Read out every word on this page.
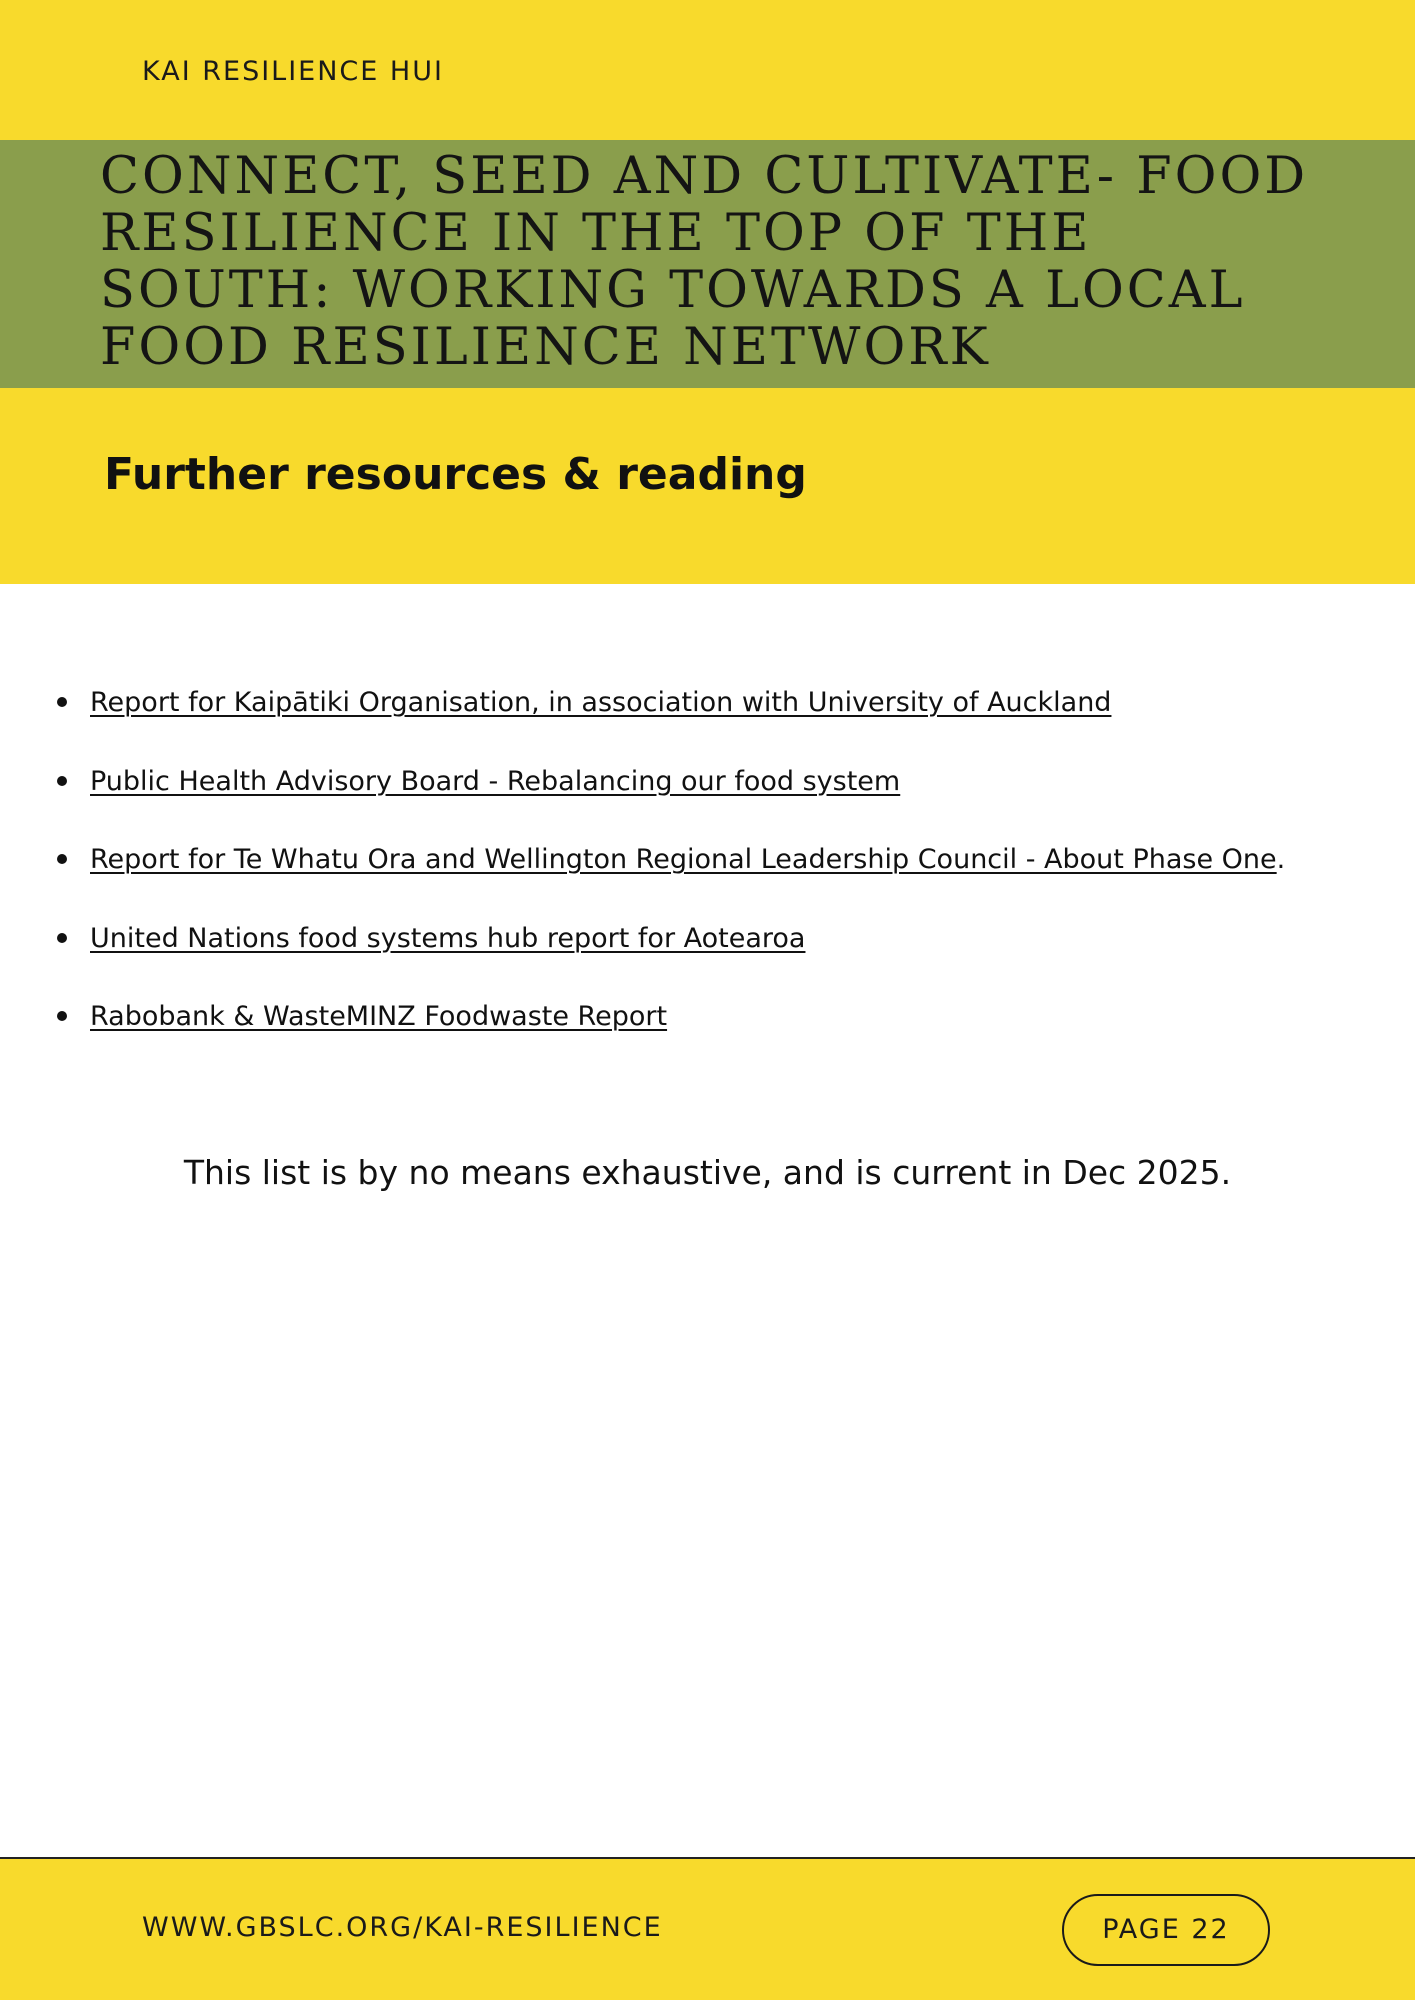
KAI RESILIENCE HUI
CONNECT, SEED AND CULTIVATE- FOOD RESILIENCE IN THE TOP OF THE SOUTH: WORKING TOWARDS A LOCAL FOOD RESILIENCE NETWORK
Further resources & reading
Report for Kaipātiki Organisation, in association with University of Auckland
Public Health Advisory Board - Rebalancing our food system
Report for Te Whatu Ora and Wellington Regional Leadership Council - About Phase One.
United Nations food systems hub report for Aotearoa
Rabobank & WasteMINZ Foodwaste Report

This list is by no means exhaustive, and is current in Dec 2025.

WWW.GBSLC.ORG/KAI-RESILIENCE	PAGE 22
